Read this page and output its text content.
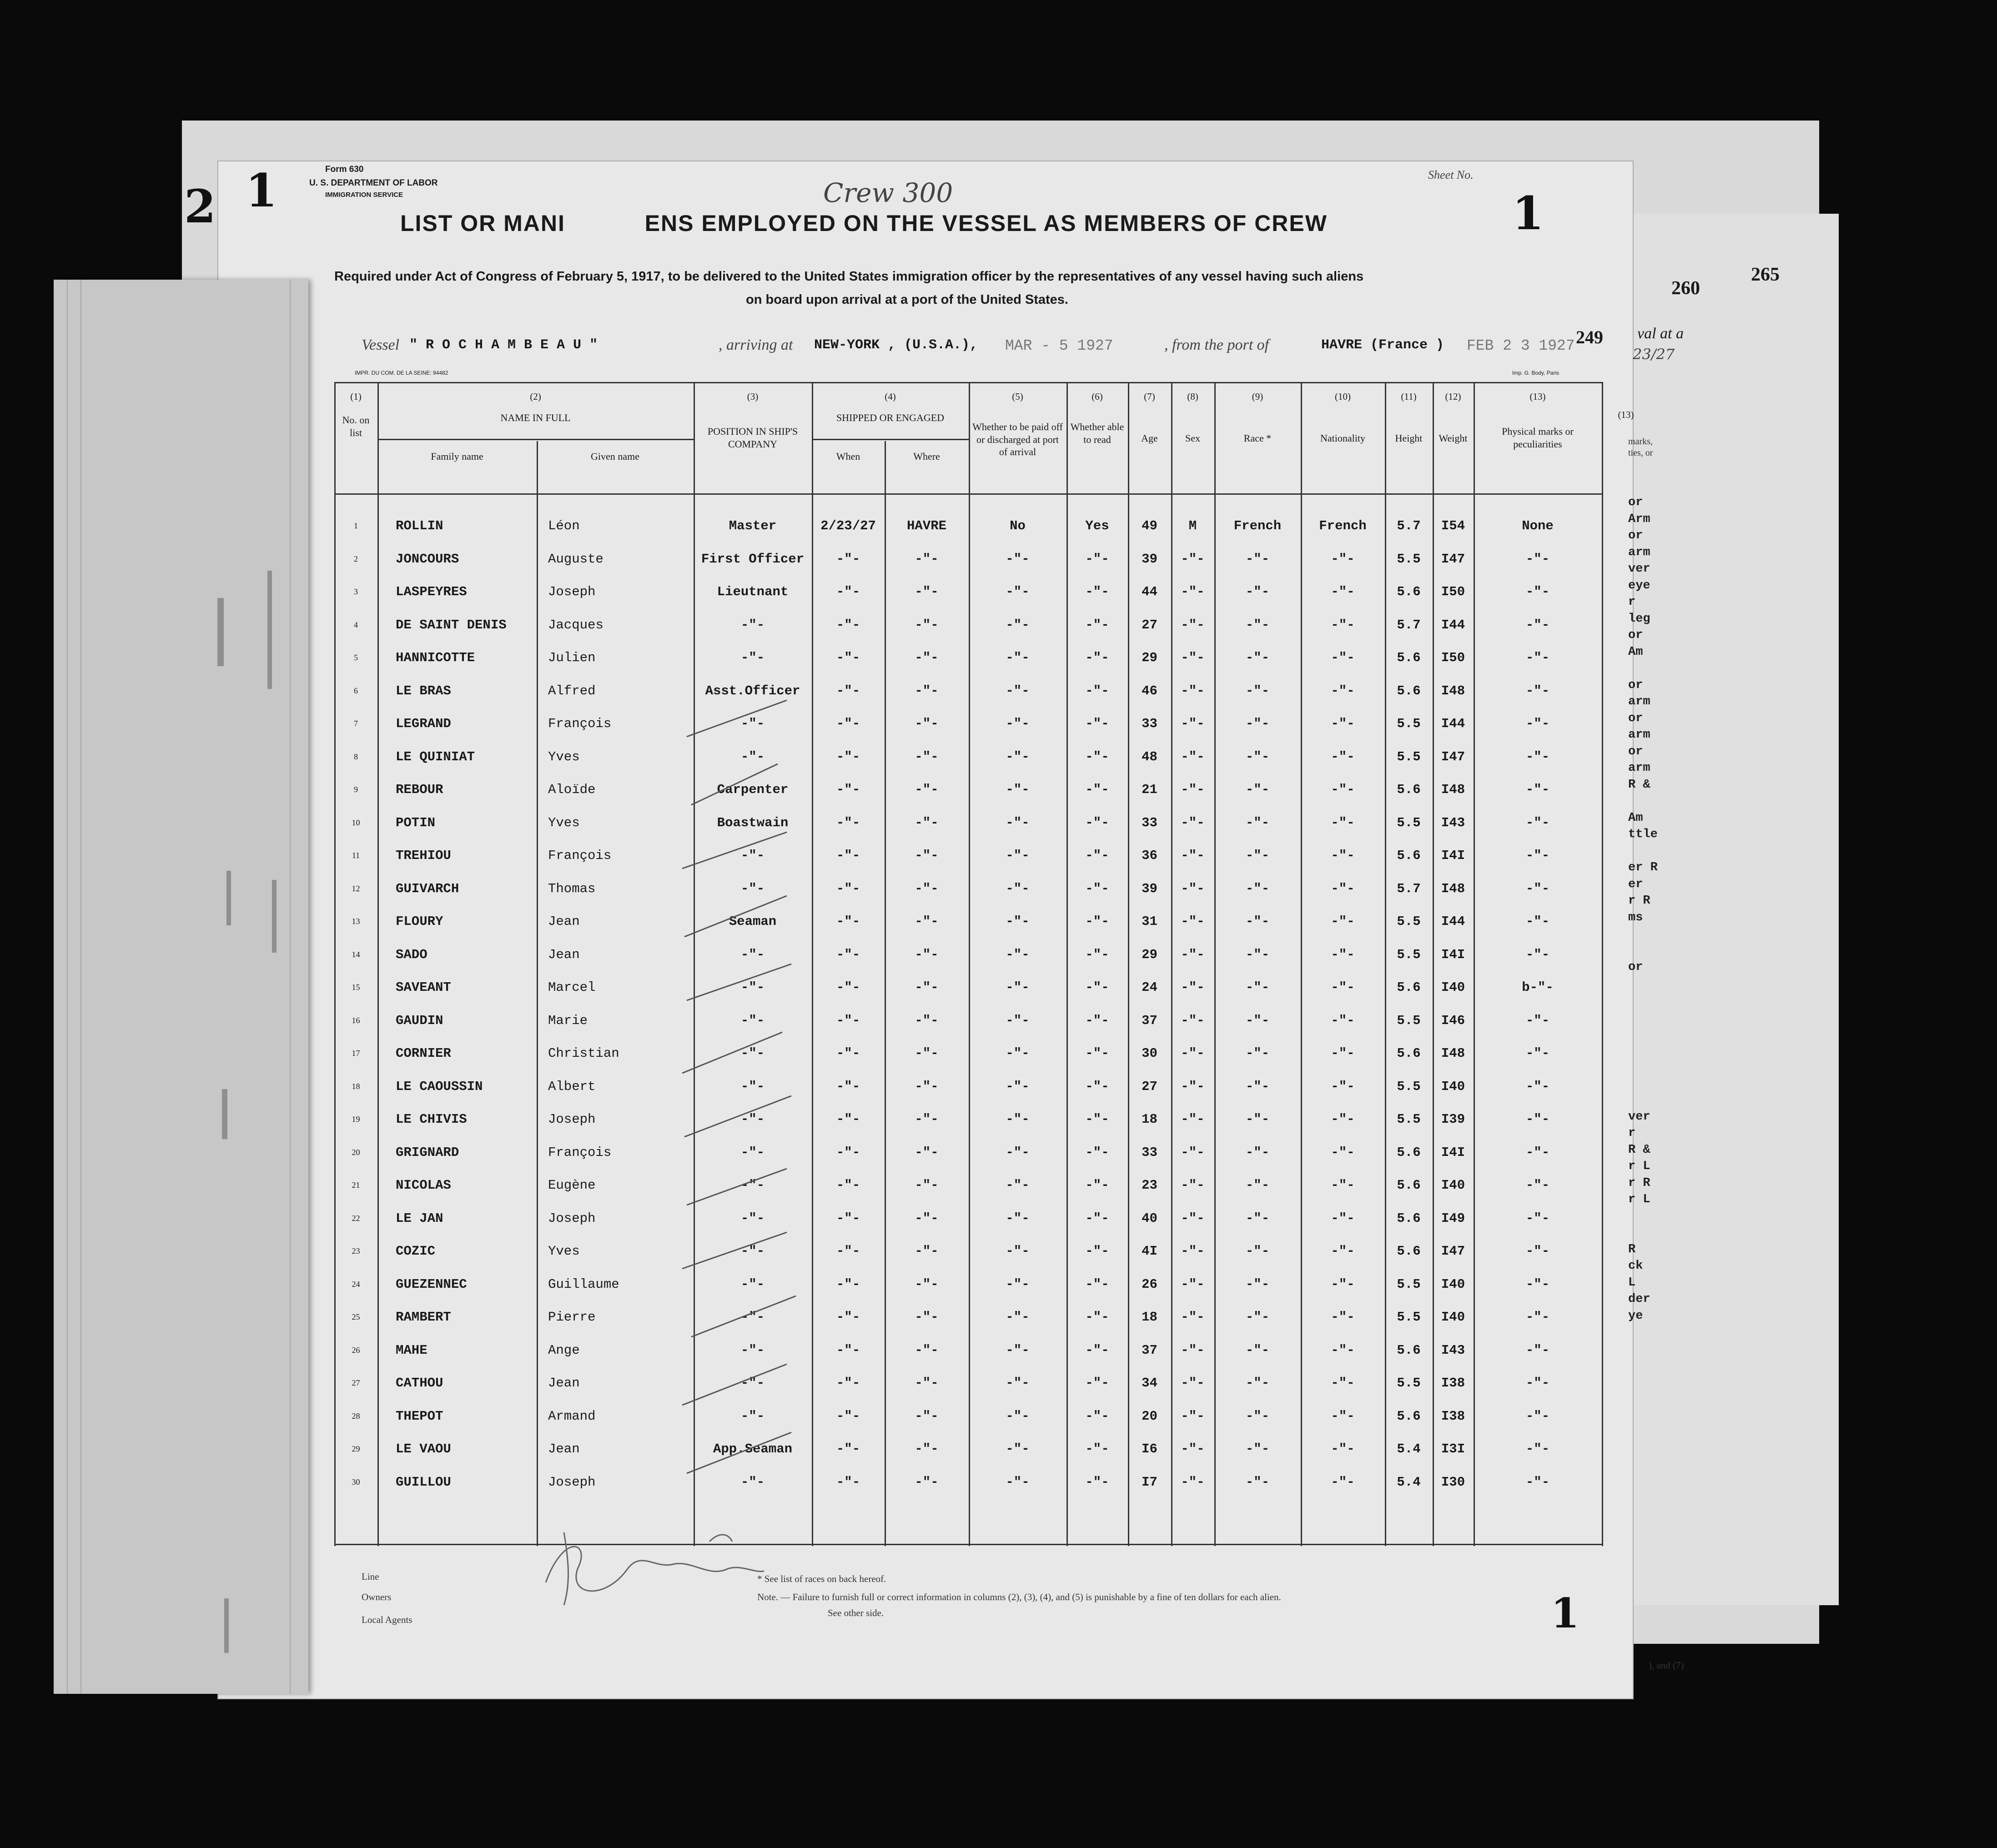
2 1	1
1
260
265
val at a
23/27
Form 630
U. S. DEPARTMENT OF LABOR
IMMIGRATION SERVICE
Sheet No.
Crew 300
LIST OR MANI           ENS EMPLOYED ON THE VESSEL AS MEMBERS OF CREW
Required under Act of Congress of February 5, 1917, to be delivered to the United States immigration officer by the representatives of any vessel having such aliens
on board upon arrival at a port of the United States.
Vessel " R O C H A M B E A U "	, arriving at NEW-YORK , (U.S.A.), MAR - 5 1927	, from the port of	HAVRE (France ) FEB 2 3 1927 249
IMPR. DU COM. DE LA SEINE: 94482	Imp. G. Body, Paris
(1)
No. on list
(2)
NAME IN FULL
(3)
POSITION IN SHIP'S COMPANY
(4)
SHIPPED OR ENGAGED
(5)
Whether to be paid off or discharged at port of arrival
(6)
Whether able to read
(7)
Age
(8)
Sex
(9)
Race *
(10)
Nationality
(11)
Height
(12)
Weight
(13)
Physical marks or peculiarities
Family name	Given name	When	Where
1	ROLLIN	Léon	Master	2/23/27	HAVRE	No	Yes	49	M	French	French	5.7	I54	None
2	JONCOURS	Auguste	First Officer	-"-	-"-	-"-	-"-	39	-"-	-"-	-"-	5.5	I47	-"-
3	LASPEYRES	Joseph	Lieutnant	-"-	-"-	-"-	-"-	44	-"-	-"-	-"-	5.6	I50	-"-
4	DE SAINT DENIS	Jacques	-"-	-"-	-"-	-"-	-"-	27	-"-	-"-	-"-	5.7	I44	-"-
5	HANNICOTTE	Julien	-"-	-"-	-"-	-"-	-"-	29	-"-	-"-	-"-	5.6	I50	-"-
6	LE BRAS	Alfred	Asst.Officer	-"-	-"-	-"-	-"-	46	-"-	-"-	-"-	5.6	I48	-"-
7	LEGRAND	François	-"-	-"-	-"-	-"-	-"-	33	-"-	-"-	-"-	5.5	I44	-"-
8	LE QUINIAT	Yves	-"-	-"-	-"-	-"-	-"-	48	-"-	-"-	-"-	5.5	I47	-"-
9	REBOUR	Aloïde	Carpenter	-"-	-"-	-"-	-"-	21	-"-	-"-	-"-	5.6	I48	-"-
10	POTIN	Yves	Boastwain	-"-	-"-	-"-	-"-	33	-"-	-"-	-"-	5.5	I43	-"-
11	TREHIOU	François	-"-	-"-	-"-	-"-	-"-	36	-"-	-"-	-"-	5.6	I4I	-"-
12	GUIVARCH	Thomas	-"-	-"-	-"-	-"-	-"-	39	-"-	-"-	-"-	5.7	I48	-"-
13	FLOURY	Jean	Seaman	-"-	-"-	-"-	-"-	31	-"-	-"-	-"-	5.5	I44	-"-
14	SADO	Jean	-"-	-"-	-"-	-"-	-"-	29	-"-	-"-	-"-	5.5	I4I	-"-
15	SAVEANT	Marcel	-"-	-"-	-"-	-"-	-"-	24	-"-	-"-	-"-	5.6	I40	b-"-
16	GAUDIN	Marie	-"-	-"-	-"-	-"-	-"-	37	-"-	-"-	-"-	5.5	I46	-"-
17	CORNIER	Christian	-"-	-"-	-"-	-"-	-"-	30	-"-	-"-	-"-	5.6	I48	-"-
18	LE CAOUSSIN	Albert	-"-	-"-	-"-	-"-	-"-	27	-"-	-"-	-"-	5.5	I40	-"-
19	LE CHIVIS	Joseph	-"-	-"-	-"-	-"-	-"-	18	-"-	-"-	-"-	5.5	I39	-"-
20	GRIGNARD	François	-"-	-"-	-"-	-"-	-"-	33	-"-	-"-	-"-	5.6	I4I	-"-
21	NICOLAS	Eugène	-"-	-"-	-"-	-"-	-"-	23	-"-	-"-	-"-	5.6	I40	-"-
22	LE JAN	Joseph	-"-	-"-	-"-	-"-	-"-	40	-"-	-"-	-"-	5.6	I49	-"-
23	COZIC	Yves	-"-	-"-	-"-	-"-	-"-	4I	-"-	-"-	-"-	5.6	I47	-"-
24	GUEZENNEC	Guillaume	-"-	-"-	-"-	-"-	-"-	26	-"-	-"-	-"-	5.5	I40	-"-
25	RAMBERT	Pierre	-"-	-"-	-"-	-"-	-"-	18	-"-	-"-	-"-	5.5	I40	-"-
26	MAHE	Ange	-"-	-"-	-"-	-"-	-"-	37	-"-	-"-	-"-	5.6	I43	-"-
27	CATHOU	Jean	-"-	-"-	-"-	-"-	-"-	34	-"-	-"-	-"-	5.5	I38	-"-
28	THEPOT	Armand	-"-	-"-	-"-	-"-	-"-	20	-"-	-"-	-"-	5.6	I38	-"-
29	LE VAOU	Jean	App.Seaman	-"-	-"-	-"-	-"-	I6	-"-	-"-	-"-	5.4	I3I	-"-
30	GUILLOU	Joseph	-"-	-"-	-"-	-"-	-"-	I7	-"-	-"-	-"-	5.4	I30	-"-
Line
Owners
Local Agents
* See list of races on back hereof.
Note. — Failure to furnish full or correct information in columns (2), (3), (4), and (5) is punishable by a fine of ten dollars for each alien.
See other side.
(13)
marks,
ties, or
or
Arm
or
arm
ver
eye
r
leg
or
Am
or
arm
or
arm
or
arm
R &
Am
ttle
er R
er
r R
ms
or
ver
r
R &
r L
r R
r L
R
ck
L
der
ye
), and (7)
